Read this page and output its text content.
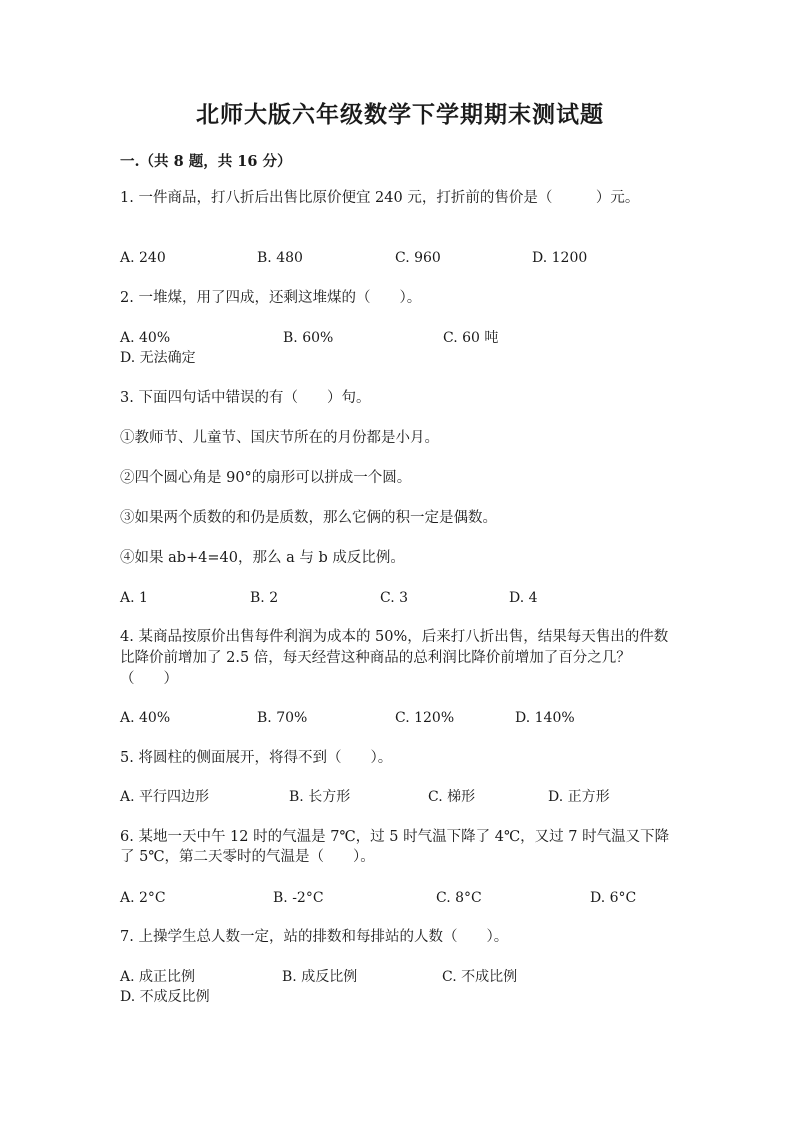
北师大版六年级数学下学期期末测试题
一.（共 8 题，共 16 分）
1. 一件商品，打八折后出售比原价便宜 240 元，打折前的售价是（　　　）元。
A. 240	B. 480	C. 960	D. 1200
2. 一堆煤，用了四成，还剩这堆煤的（　　）。
A. 40%	B. 60%	C. 60 吨D. 无法确定
3. 下面四句话中错误的有（　　）句。
①教师节、儿童节、国庆节所在的月份都是小月。
②四个圆心角是 90°的扇形可以拼成一个圆。
③如果两个质数的和仍是质数，那么它俩的积一定是偶数。
④如果 ab+4=40，那么 a 与 b 成反比例。
A. 1	B. 2	C. 3	D. 4
4. 某商品按原价出售每件利润为成本的 50%，后来打八折出售，结果每天售出的件数比降价前增加了 2.5 倍，每天经营这种商品的总利润比降价前增加了百分之几？（　　）
A. 40%	B. 70%	C. 120%	D. 140%
5. 将圆柱的侧面展开，将得不到（　　）。
A. 平行四边形	B. 长方形	C. 梯形	D. 正方形
6. 某地一天中午 12 时的气温是 7℃，过 5 时气温下降了 4℃，又过 7 时气温又下降了 5℃，第二天零时的气温是（　　）。
A. 2°C	B. -2°C	C. 8°C	D. 6°C
7. 上操学生总人数一定，站的排数和每排站的人数（　　）。
A. 成正比例	B. 成反比例	C. 不成比例D. 不成反比例
